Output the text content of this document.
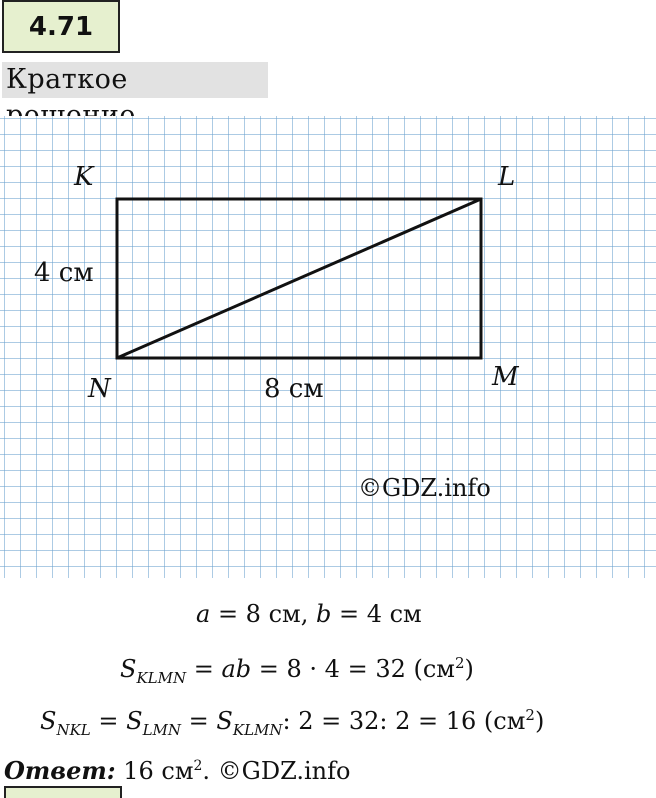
4.71
Краткое
K	L
M
N
4 см
8 см
©GDZ.info
a = 8 см, b = 4 см
$S_{KLMN}$ = ab = 8 · 4 = 32 $(см^2)$
$S_{NKL} = S_{LMN} = S_{KLMN}$: 2 = 32: 2 = 16 $(см^2)$
Ответ: 16 $см^2$. ©GDZ.info
